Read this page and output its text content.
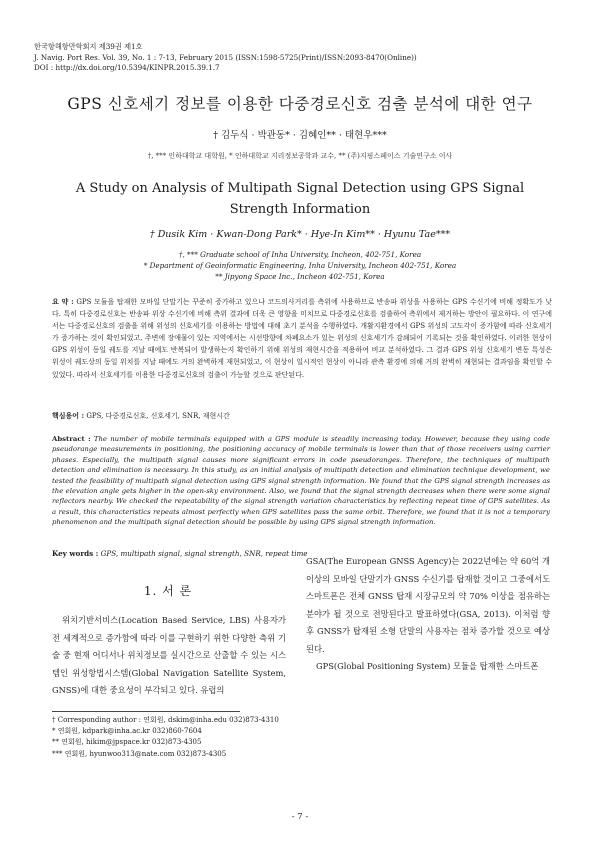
한국항해항만학회지 제39권 제1호
J. Navig. Port Res. Vol. 39, No. 1 : 7-13, February 2015 (ISSN:1598-5725(Print)/ISSN:2093-8470(Online))
DOI : http://dx.doi.org/10.5394/KINPR.2015.39.1.7
GPS 신호세기 정보를 이용한 다중경로신호 검출 분석에 대한 연구
† 김두식 · 박관동* · 김혜인** · 태현우***
†, *** 인하대학교 대학원, * 인하대학교 지리정보공학과 교수, ** (주)지핑스페이스 기술연구소 이사
A Study on Analysis of Multipath Signal Detection using GPS Signal Strength Information
† Dusik Kim · Kwan-Dong Park* · Hye-In Kim** · Hyunu Tae***
†, *** Graduate school of Inha University, Incheon, 402-751, Korea
* Department of Geoinformatic Engineering, Inha University, Incheon 402-751, Korea
** Jipyong Space Inc., Incheon 402-751, Korea
요 약 : GPS 모듈을 탑재한 모바일 단말기는 꾸준히 증가하고 있으나 코드의사거리를 측위에 사용하므로 반송파 위상을 사용하는 GPS 수신기에 비해 정확도가 낮다. 특히 다중경로신호는 반송파 위상 수신기에 비해 측위 결과에 더욱 큰 영향을 미치므로 다중경로신호를 검출하여 측위에서 제거하는 방안이 필요하다. 이 연구에서는 다중경로신호의 검출을 위해 위성의 신호세기를 이용하는 방법에 대해 초기 분석을 수행하였다. 개활지환경에서 GPS 위성의 고도각이 증가함에 따라 신호세기가 증가하는 것이 확인되었고, 주변에 장애물이 있는 지역에서는 시선방향에 차폐요소가 있는 위성의 신호세기가 감쇄되어 기록되는 것을 확인하였다. 이러한 현상이 GPS 위성이 동일 궤도를 지날 때에도 반복되어 발생하는지 확인하기 위해 위성의 재현시간을 적용하여 비교 분석하였다. 그 결과 GPS 위성 신호세기 변동 특성은 위성이 궤도상의 동일 위치를 지날 때에도 거의 완벽하게 재현되었고, 이 현상이 일시적인 현상이 아니라 관측 환경에 의해 거의 완벽히 재현되는 결과임을 확인할 수 있었다. 따라서 신호세기를 이용한 다중경로신호의 검출이 가능할 것으로 판단된다.
핵심용어 : GPS, 다중경로신호, 신호세기, SNR, 재현시간
Abstract : The number of mobile terminals equipped with a GPS module is steadily increasing today. However, because they using code pseudorange measurements in positioning, the positioning accuracy of mobile terminals is lower than that of those receivers using carrier phases. Especially, the multipath signal causes more significant errors in code pseudoranges. Therefore, the techniques of multipath detection and elimination is necessary. In this study, as an initial analysis of multipath detection and elimination technique development, we tested the feasibility of multipath signal detection using GPS signal strength information. We found that the GPS signal strength increases as the elevation angle gets higher in the open-sky environment. Also, we found that the signal strength decreases when there were some signal reflectors nearby. We checked the repeatability of the signal strength variation characteristics by reflecting repeat time of GPS satellites. As a result, this characteristics repeats almost perfectly when GPS satellites pass the same orbit. Therefore, we found that it is not a temporary phenomenon and the multipath signal detection should be possible by using GPS signal strength information.
Key words : GPS, multipath signal, signal strength, SNR, repeat time
1. 서 론
위치기반서비스(Location Based Service, LBS) 사용자가 전 세계적으로 증가함에 따라 이를 구현하기 위한 다양한 측위 기술 중 현재 어디서나 위치정보를 실시간으로 산출할 수 있는 시스템인 위성항법시스템(Global Navigation Satellite System, GNSS)에 대한 중요성이 부각되고 있다. 유럽의

GSA(The European GNSS Agency)는 2022년에는 약 60억 개 이상의 모바일 단말기가 GNSS 수신기를 탑재할 것이고 그중에서도 스마트폰은 전체 GNSS 탑재 시장규모의 약 70% 이상을 점유하는 분야가 될 것으로 전망된다고 발표하였다(GSA, 2013). 이처럼 향후 GNSS가 탑재된 소형 단말의 사용자는 점차 증가할 것으로 예상된다.

GPS(Global Positioning System) 모듈을 탑재한 스마트폰

† Corresponding author : 연회원, dskim@inha.edu 032)873-4310
* 연회원, kdpark@inha.ac.kr 032)860-7604
** 연회원, hikim@jpspace.kr 032)873-4305
*** 연회원, hyunwoo313@nate.com 032)873-4305
- 7 -
